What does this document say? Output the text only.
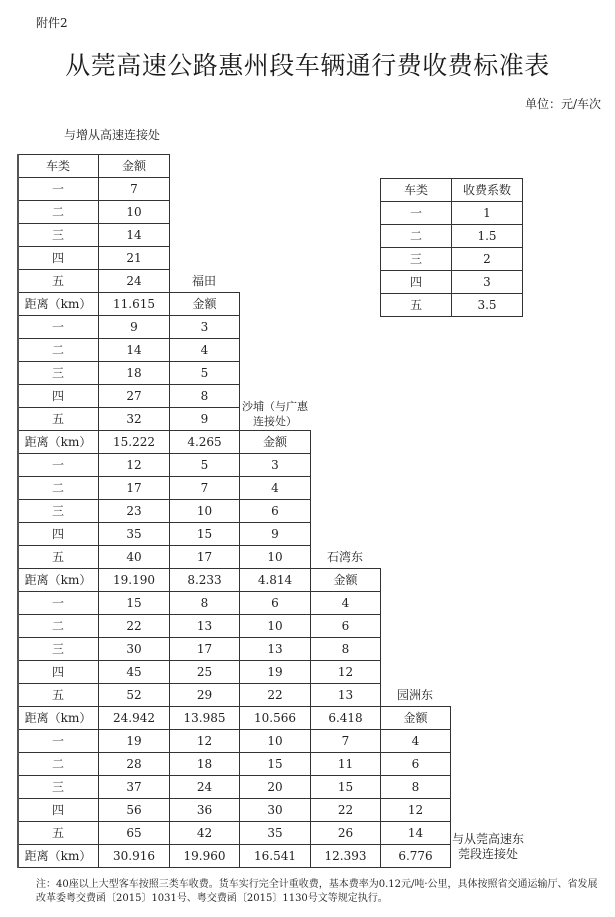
附件2
从莞高速公路惠州段车辆通行费收费标准表
单位：元/车次
与增从高速连接处
车类	金额
一	7
二	10
三	14
四	21
五	24
距离（km）	11.615	金额
福田
一	9	3
二	14	4
三	18	5
四	27	8
五	32	9
距离（km）	15.222	4.265	金额
沙埔（与广惠连接处）
一	12	5	3
二	17	7	4
三	23	10	6
四	35	15	9
五	40	17	10
距离（km）	19.190	8.233	4.814	金额
石湾东
一	15	8	6	4
二	22	13	10	6
三	30	17	13	8
四	45	25	19	12
五	52	29	22	13
距离（km）	24.942	13.985	10.566	6.418	金额
园洲东
一	19	12	10	7	4
二	28	18	15	11	6
三	37	24	20	15	8
四	56	36	30	22	12
五	65	42	35	26	14
距离（km）	30.916	19.960	16.541	12.393	6.776
与从莞高速东莞段连接处
车类	收费系数
一	1
二	1.5
三	2
四	3
五	3.5
注：40座以上大型客车按照三类车收费。货车实行完全计重收费，基本费率为0.12元/吨·公里，具体按照省交通运输厅、省发展改革委粤交费函〔2015〕1031号、粤交费函〔2015〕1130号文等规定执行。
